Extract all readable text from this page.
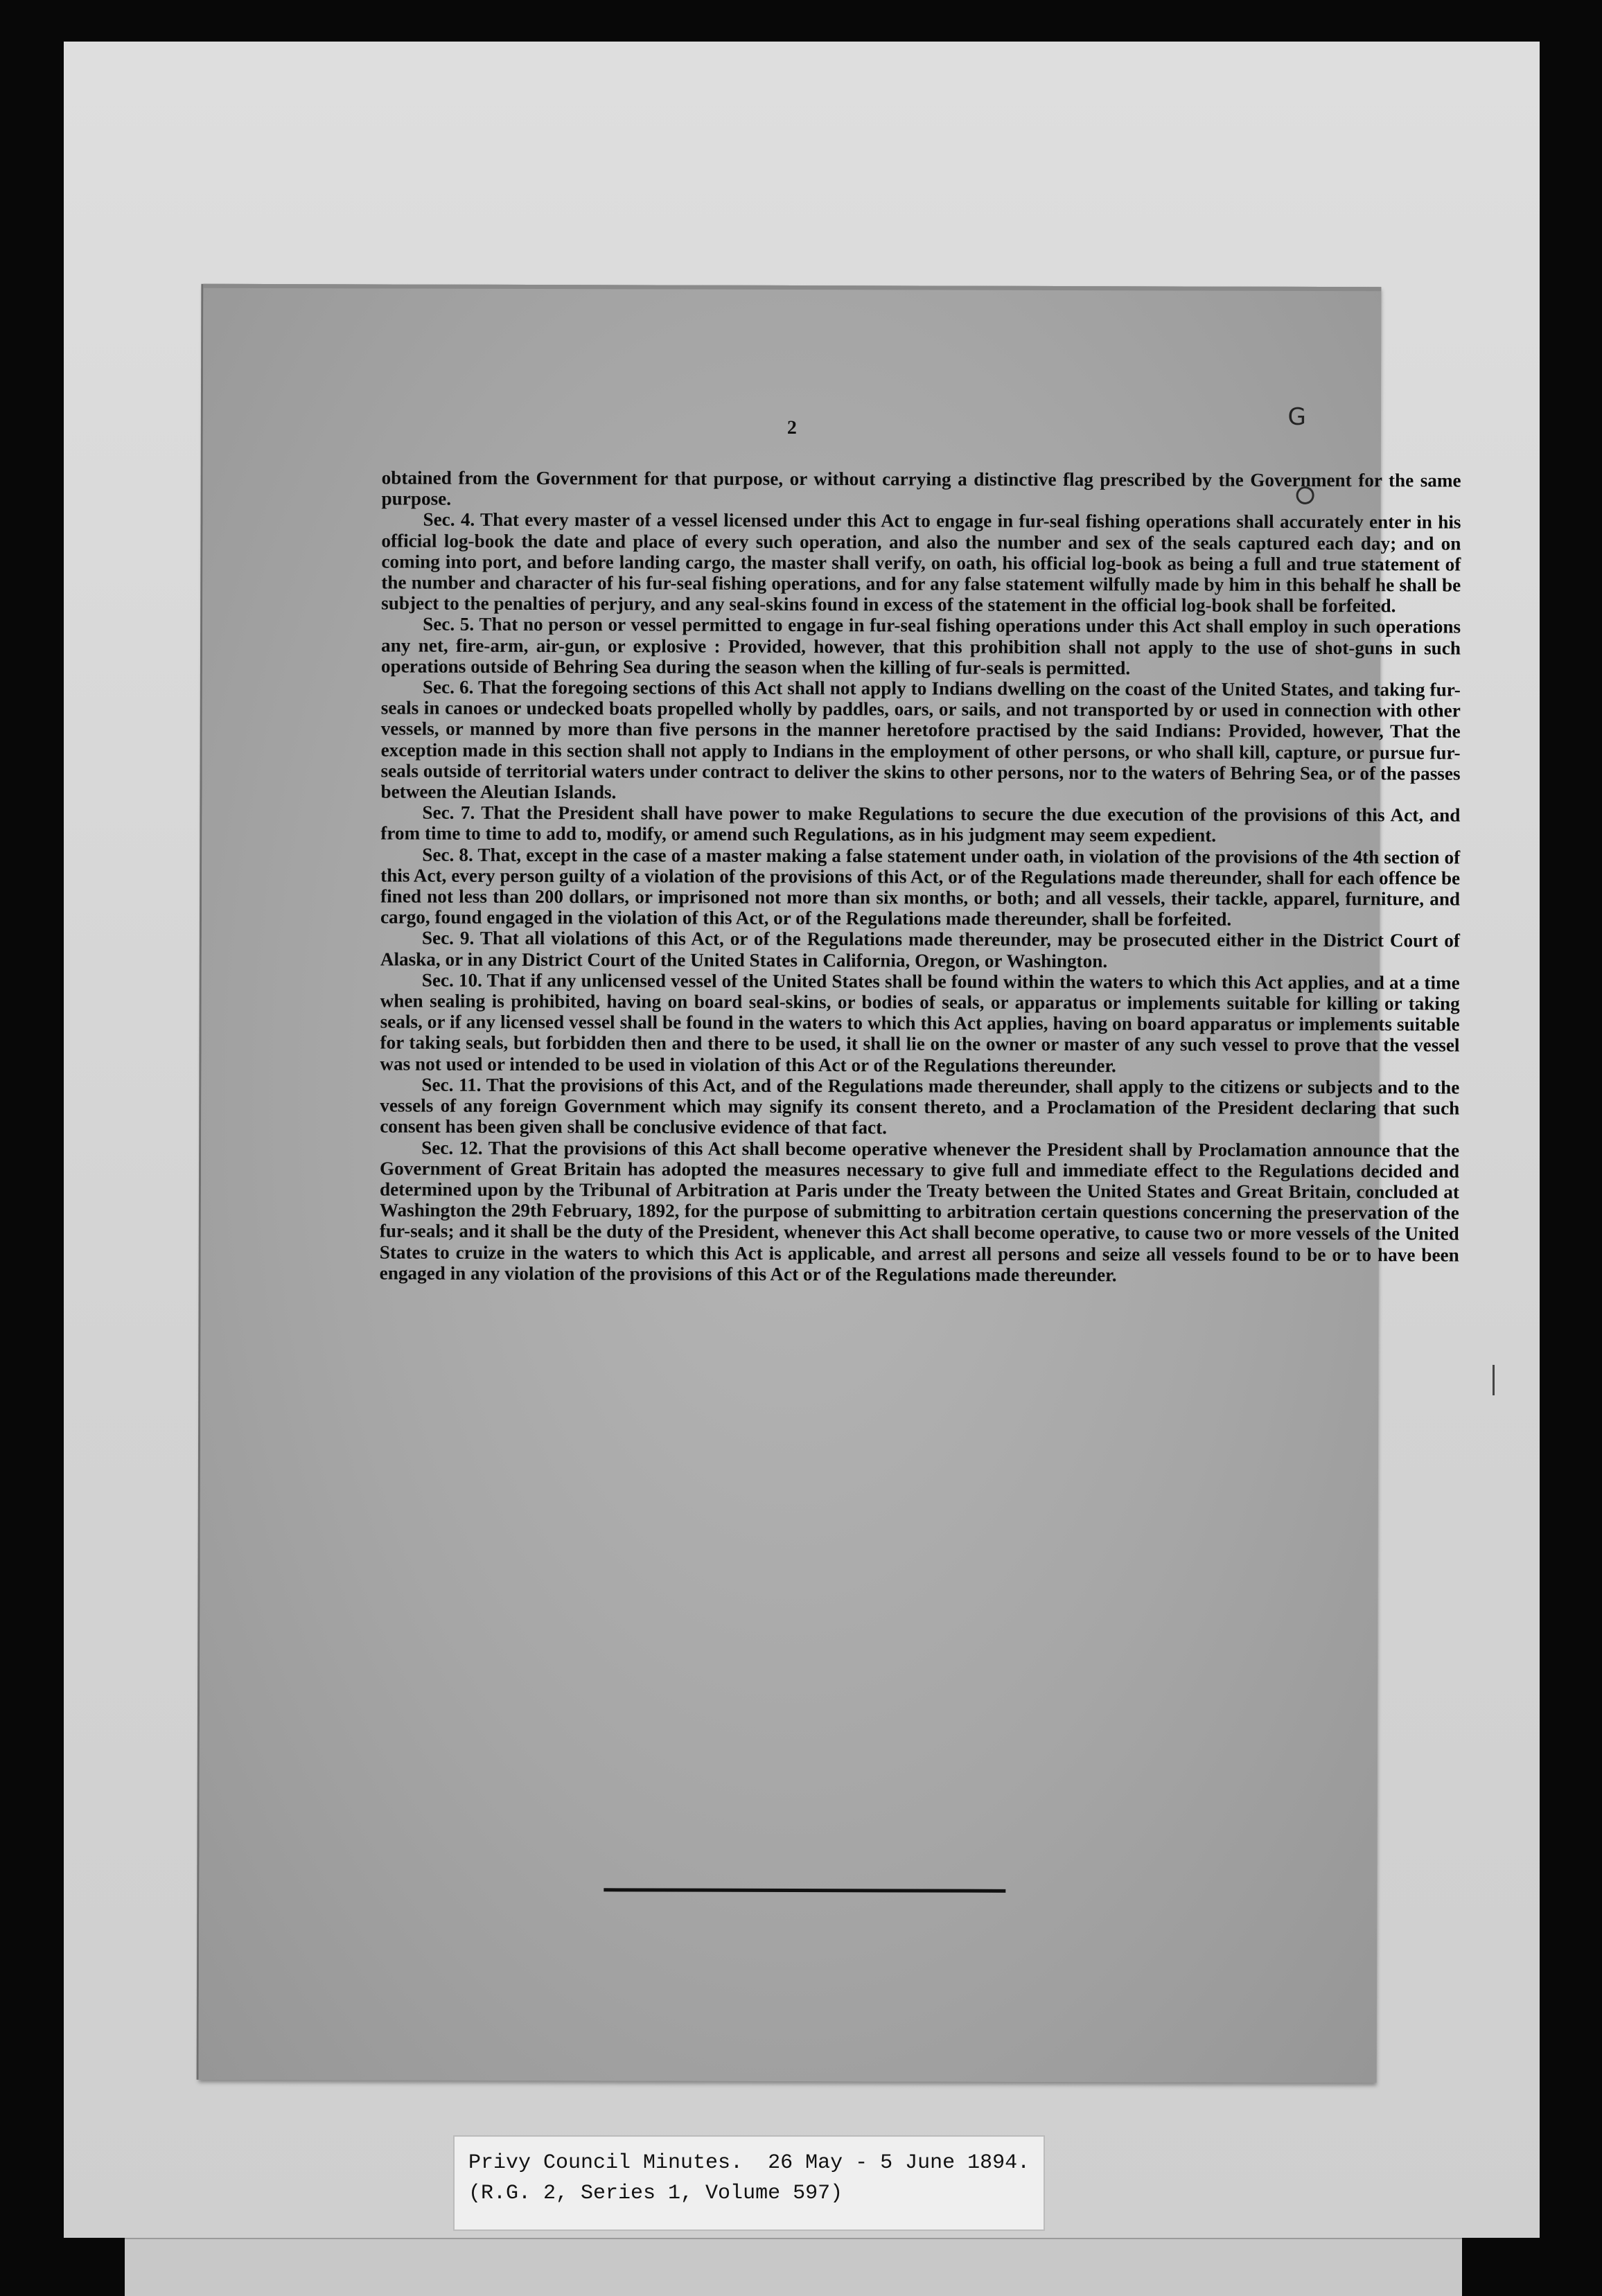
2	G

obtained from the Government for that purpose, or without carrying a distinctive flag prescribed by the Government for the same purpose.

Sec. 4. That every master of a vessel licensed under this Act to engage in fur-seal fishing operations shall accurately enter in his official log-book the date and place of every such operation, and also the number and sex of the seals captured each day; and on coming into port, and before landing cargo, the master shall verify, on oath, his official log-book as being a full and true statement of the number and character of his fur-seal fishing operations, and for any false statement wilfully made by him in this behalf he shall be subject to the penalties of perjury, and any seal-skins found in excess of the statement in the official log-book shall be forfeited.

Sec. 5. That no person or vessel permitted to engage in fur-seal fishing operations under this Act shall employ in such operations any net, fire-arm, air-gun, or explosive : Provided, however, that this prohibition shall not apply to the use of shot-guns in such operations outside of Behring Sea during the season when the killing of fur-seals is permitted.

Sec. 6. That the foregoing sections of this Act shall not apply to Indians dwelling on the coast of the United States, and taking fur-seals in canoes or undecked boats propelled wholly by paddles, oars, or sails, and not transported by or used in connection with other vessels, or manned by more than five persons in the manner heretofore practised by the said Indians: Provided, however, That the exception made in this section shall not apply to Indians in the employment of other persons, or who shall kill, capture, or pursue fur-seals outside of territorial waters under contract to deliver the skins to other persons, nor to the waters of Behring Sea, or of the passes between the Aleutian Islands.

Sec. 7. That the President shall have power to make Regulations to secure the due execution of the provisions of this Act, and from time to time to add to, modify, or amend such Regulations, as in his judgment may seem expedient.

Sec. 8. That, except in the case of a master making a false statement under oath, in violation of the provisions of the 4th section of this Act, every person guilty of a violation of the provisions of this Act, or of the Regulations made thereunder, shall for each offence be fined not less than 200 dollars, or imprisoned not more than six months, or both; and all vessels, their tackle, apparel, furniture, and cargo, found engaged in the violation of this Act, or of the Regulations made thereunder, shall be forfeited.

Sec. 9. That all violations of this Act, or of the Regulations made thereunder, may be prosecuted either in the District Court of Alaska, or in any District Court of the United States in California, Oregon, or Washington.

Sec. 10. That if any unlicensed vessel of the United States shall be found within the waters to which this Act applies, and at a time when sealing is prohibited, having on board seal-skins, or bodies of seals, or apparatus or implements suitable for killing or taking seals, or if any licensed vessel shall be found in the waters to which this Act applies, having on board apparatus or implements suitable for taking seals, but forbidden then and there to be used, it shall lie on the owner or master of any such vessel to prove that the vessel was not used or intended to be used in violation of this Act or of the Regulations thereunder.

Sec. 11. That the provisions of this Act, and of the Regulations made thereunder, shall apply to the citizens or subjects and to the vessels of any foreign Government which may signify its consent thereto, and a Proclamation of the President declaring that such consent has been given shall be conclusive evidence of that fact.

Sec. 12. That the provisions of this Act shall become operative whenever the President shall by Proclamation announce that the Government of Great Britain has adopted the measures necessary to give full and immediate effect to the Regulations decided and determined upon by the Tribunal of Arbitration at Paris under the Treaty between the United States and Great Britain, concluded at Washington the 29th February, 1892, for the purpose of submitting to arbitration certain questions concerning the preservation of the fur-seals; and it shall be the duty of the President, whenever this Act shall become operative, to cause two or more vessels of the United States to cruize in the waters to which this Act is applicable, and arrest all persons and seize all vessels found to be or to have been engaged in any violation of the provisions of this Act or of the Regulations made thereunder.

Privy Council Minutes.  26 May - 5 June 1894.
(R.G. 2, Series 1, Volume 597)
